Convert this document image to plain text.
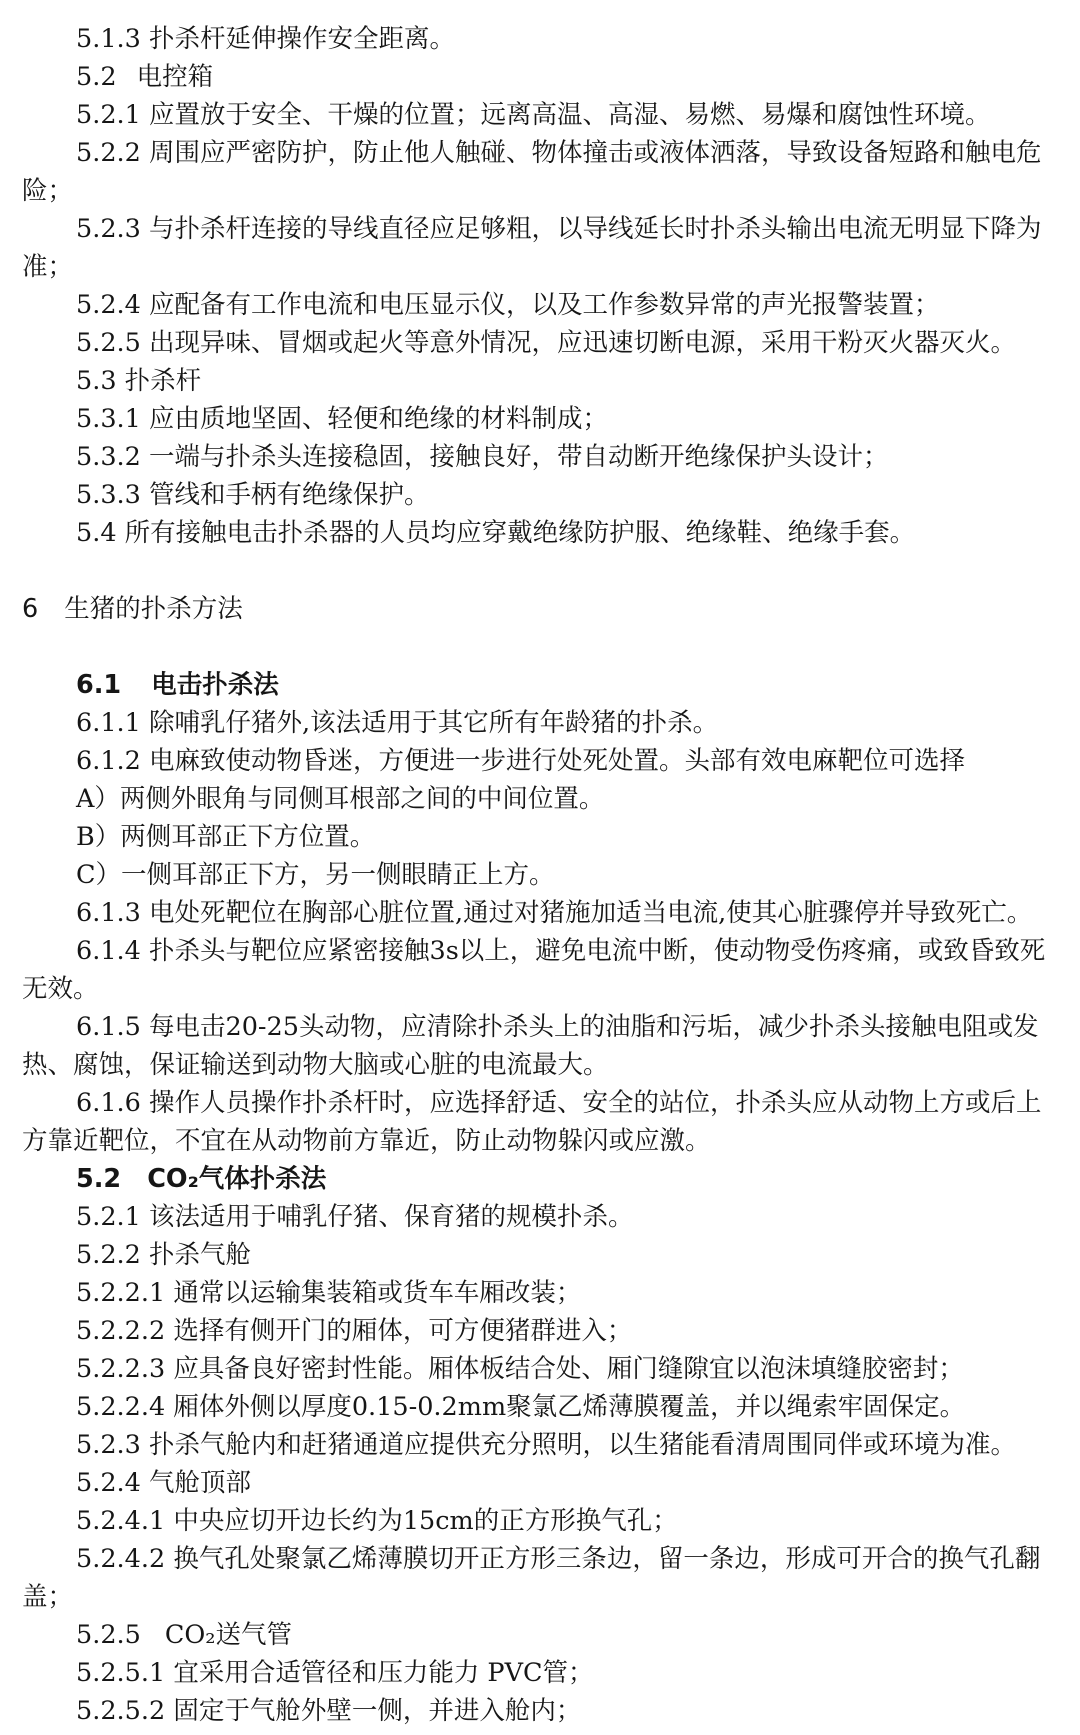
5.1.3 扑杀杆延伸操作安全距离。
5.2 电控箱
5.2.1 应置放于安全、干燥的位置；远离高温、高湿、易燃、易爆和腐蚀性环境。
5.2.2 周围应严密防护，防止他人触碰、物体撞击或液体洒落，导致设备短路和触电危
险；
5.2.3 与扑杀杆连接的导线直径应足够粗，以导线延长时扑杀头输出电流无明显下降为
准；
5.2.4 应配备有工作电流和电压显示仪，以及工作参数异常的声光报警装置；
5.2.5 出现异味、冒烟或起火等意外情况，应迅速切断电源，采用干粉灭火器灭火。
5.3 扑杀杆
5.3.1 应由质地坚固、轻便和绝缘的材料制成；
5.3.2 一端与扑杀头连接稳固，接触良好，带自动断开绝缘保护头设计；
5.3.3 管线和手柄有绝缘保护。
5.4 所有接触电击扑杀器的人员均应穿戴绝缘防护服、绝缘鞋、绝缘手套。
6 生猪的扑杀方法
6.1 电击扑杀法
6.1.1 除哺乳仔猪外,该法适用于其它所有年龄猪的扑杀。
6.1.2 电麻致使动物昏迷，方便进一步进行处死处置。头部有效电麻靶位可选择
A）两侧外眼角与同侧耳根部之间的中间位置。
B）两侧耳部正下方位置。
C）一侧耳部正下方，另一侧眼睛正上方。
6.1.3 电处死靶位在胸部心脏位置,通过对猪施加适当电流,使其心脏骤停并导致死亡。
6.1.4 扑杀头与靶位应紧密接触3s以上，避免电流中断，使动物受伤疼痛，或致昏致死
无效。
6.1.5 每电击20-25头动物，应清除扑杀头上的油脂和污垢，减少扑杀头接触电阻或发
热、腐蚀，保证输送到动物大脑或心脏的电流最大。
6.1.6 操作人员操作扑杀杆时，应选择舒适、安全的站位，扑杀头应从动物上方或后上
方靠近靶位，不宜在从动物前方靠近，防止动物躲闪或应激。
5.2 CO₂气体扑杀法
5.2.1 该法适用于哺乳仔猪、保育猪的规模扑杀。
5.2.2 扑杀气舱
5.2.2.1 通常以运输集装箱或货车车厢改装；
5.2.2.2 选择有侧开门的厢体，可方便猪群进入；
5.2.2.3 应具备良好密封性能。厢体板结合处、厢门缝隙宜以泡沫填缝胶密封；
5.2.2.4 厢体外侧以厚度0.15-0.2mm聚氯乙烯薄膜覆盖，并以绳索牢固保定。
5.2.3 扑杀气舱内和赶猪通道应提供充分照明，以生猪能看清周围同伴或环境为准。
5.2.4 气舱顶部
5.2.4.1 中央应切开边长约为15cm的正方形换气孔；
5.2.4.2 换气孔处聚氯乙烯薄膜切开正方形三条边，留一条边，形成可开合的换气孔翻
盖；
5.2.5 CO₂送气管
5.2.5.1 宜采用合适管径和压力能力 PVC管；
5.2.5.2 固定于气舱外壁一侧，并进入舱内；
